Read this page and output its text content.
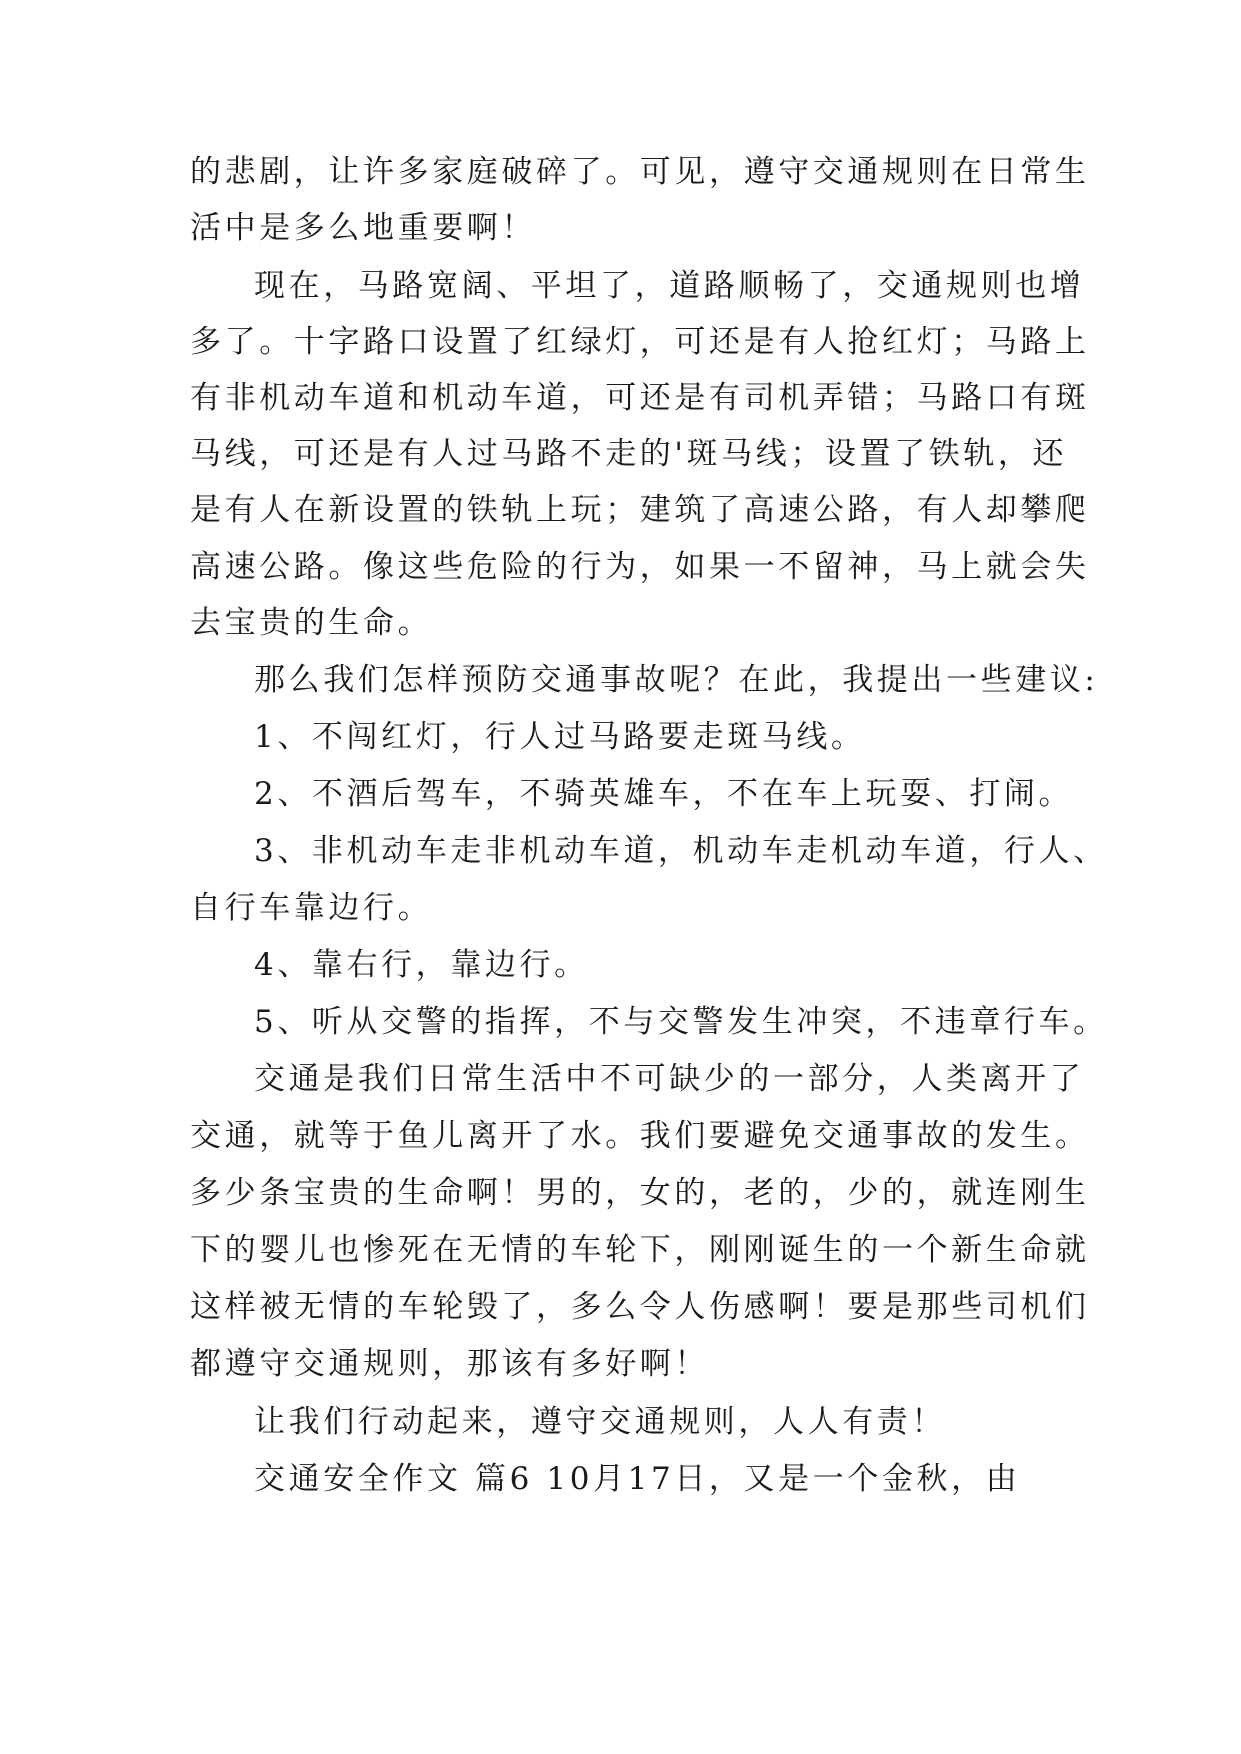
的悲剧，让许多家庭破碎了。可见，遵守交通规则在日常生

活中是多么地重要啊！

现在，马路宽阔、平坦了，道路顺畅了，交通规则也增

多了。十字路口设置了红绿灯，可还是有人抢红灯；马路上

有非机动车道和机动车道，可还是有司机弄错；马路口有斑

马线，可还是有人过马路不走的'斑马线；设置了铁轨，还

是有人在新设置的铁轨上玩；建筑了高速公路，有人却攀爬

高速公路。像这些危险的行为，如果一不留神，马上就会失

去宝贵的生命。

那么我们怎样预防交通事故呢？在此，我提出一些建议:

1、不闯红灯，行人过马路要走斑马线。

2、不酒后驾车，不骑英雄车，不在车上玩耍、打闹。

3、非机动车走非机动车道，机动车走机动车道，行人、

自行车靠边行。

4、靠右行，靠边行。

5、听从交警的指挥，不与交警发生冲突，不违章行车。

交通是我们日常生活中不可缺少的一部分，人类离开了

交通，就等于鱼儿离开了水。我们要避免交通事故的发生。

多少条宝贵的生命啊！男的，女的，老的，少的，就连刚生

下的婴儿也惨死在无情的车轮下，刚刚诞生的一个新生命就

这样被无情的车轮毁了，多么令人伤感啊！要是那些司机们

都遵守交通规则，那该有多好啊！

让我们行动起来，遵守交通规则，人人有责！

交通安全作文 篇6 10月17日，又是一个金秋，由
